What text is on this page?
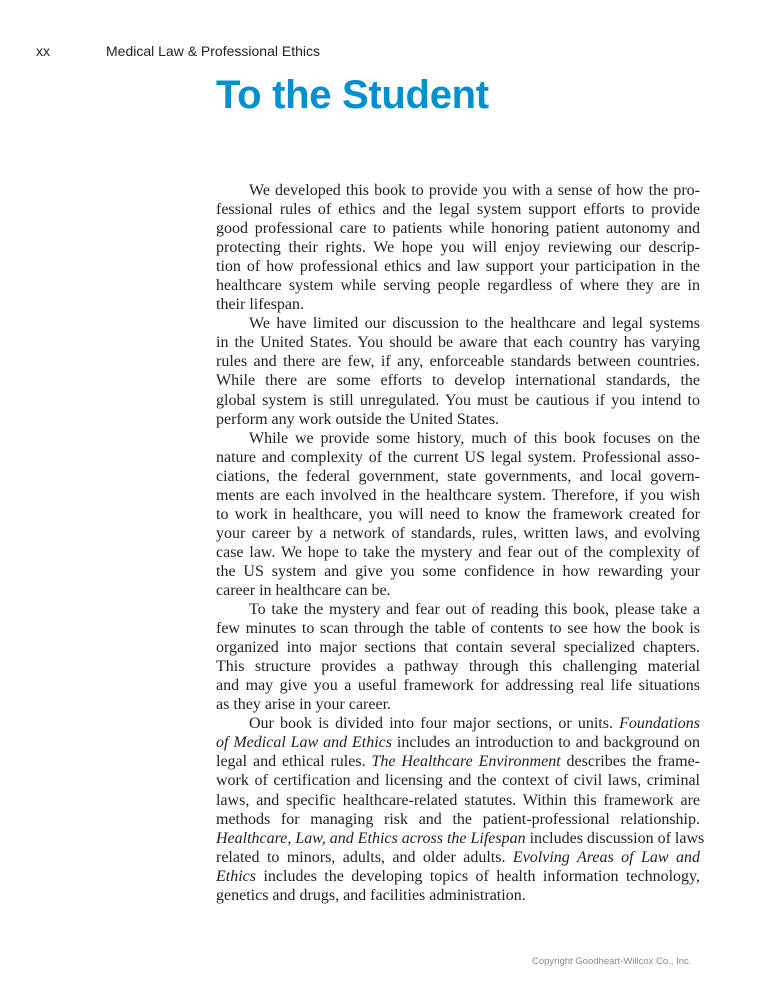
xx	Medical Law & Professional Ethics
To the Student
We developed this book to provide you with a sense of how the pro-
fessional rules of ethics and the legal system support efforts to provide
good professional care to patients while honoring patient autonomy and
protecting their rights. We hope you will enjoy reviewing our descrip-
tion of how professional ethics and law support your participation in the
healthcare system while serving people regardless of where they are in
their lifespan.
We have limited our discussion to the healthcare and legal systems
in the United States. You should be aware that each country has varying
rules and there are few, if any, enforceable standards between countries.
While there are some efforts to develop international standards, the
global system is still unregulated. You must be cautious if you intend to
perform any work outside the United States.
While we provide some history, much of this book focuses on the
nature and complexity of the current US legal system. Professional asso-
ciations, the federal government, state governments, and local govern-
ments are each involved in the healthcare system. Therefore, if you wish
to work in healthcare, you will need to know the framework created for
your career by a network of standards, rules, written laws, and evolving
case law. We hope to take the mystery and fear out of the complexity of
the US system and give you some confidence in how rewarding your
career in healthcare can be.
To take the mystery and fear out of reading this book, please take a
few minutes to scan through the table of contents to see how the book is
organized into major sections that contain several specialized chapters.
This structure provides a pathway through this challenging material
and may give you a useful framework for addressing real life situations
as they arise in your career.
Our book is divided into four major sections, or units. Foundations
of Medical Law and Ethics includes an introduction to and background on
legal and ethical rules. The Healthcare Environment describes the frame-
work of certification and licensing and the context of civil laws, criminal
laws, and specific healthcare-related statutes. Within this framework are
methods for managing risk and the patient-professional relationship.
Healthcare, Law, and Ethics across the Lifespan includes discussion of laws
related to minors, adults, and older adults. Evolving Areas of Law and
Ethics includes the developing topics of health information technology,
genetics and drugs, and facilities administration.
Copyright Goodheart-Willcox Co., Inc.
